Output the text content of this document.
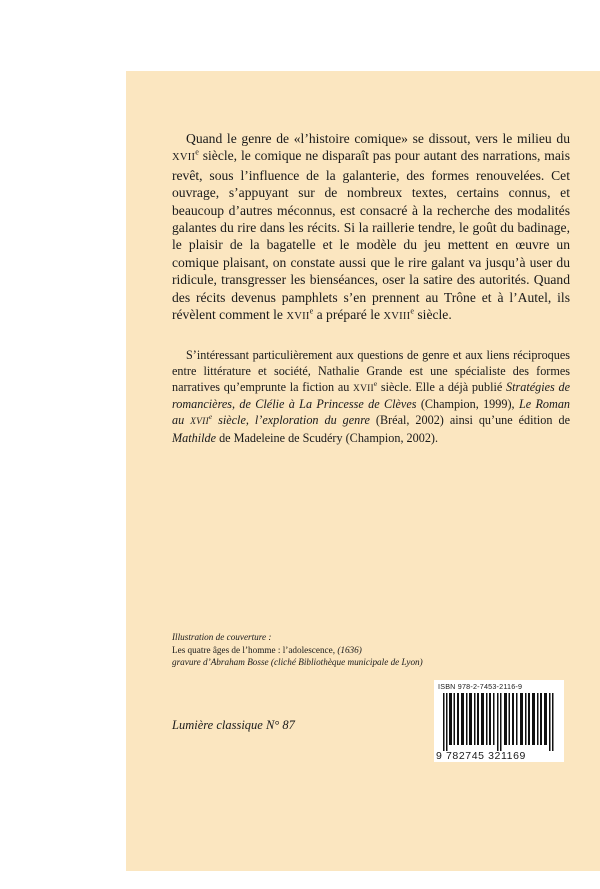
Quand le genre de «l’histoire comique» se dissout, vers le milieu du XVIIe siècle, le comique ne disparaît pas pour autant des narrations, mais revêt, sous l’influence de la galanterie, des formes renouvelées. Cet ouvrage, s’appuyant sur de nombreux textes, certains connus, et beaucoup d’autres méconnus, est consacré à la recherche des modalités galantes du rire dans les récits. Si la raillerie tendre, le goût du badinage, le plaisir de la bagatelle et le modèle du jeu mettent en œuvre un comique plaisant, on constate aussi que le rire galant va jusqu’à user du ridicule, transgresser les bienséances, oser la satire des autorités. Quand des récits devenus pamphlets s’en prennent au Trône et à l’Autel, ils révèlent comment le XVIIe a préparé le XVIIIe siècle.

S’intéressant particulièrement aux questions de genre et aux liens réciproques entre littérature et société, Nathalie Grande est une spécialiste des formes narratives qu’emprunte la fiction au XVIIe siècle. Elle a déjà publié Stratégies de romancières, de Clélie à La Princesse de Clèves (Champion, 1999), Le Roman au XVIIe siècle, l’exploration du genre (Bréal, 2002) ainsi qu’une édition de Mathilde de Madeleine de Scudéry (Champion, 2002).

Illustration de couverture :
Les quatre âges de l’homme : l’adolescence, (1636)
gravure d’Abraham Bosse (cliché Bibliothèque municipale de Lyon)
Lumière classique N° 87
ISBN 978-2-7453-2116-9
9 782745 321169
